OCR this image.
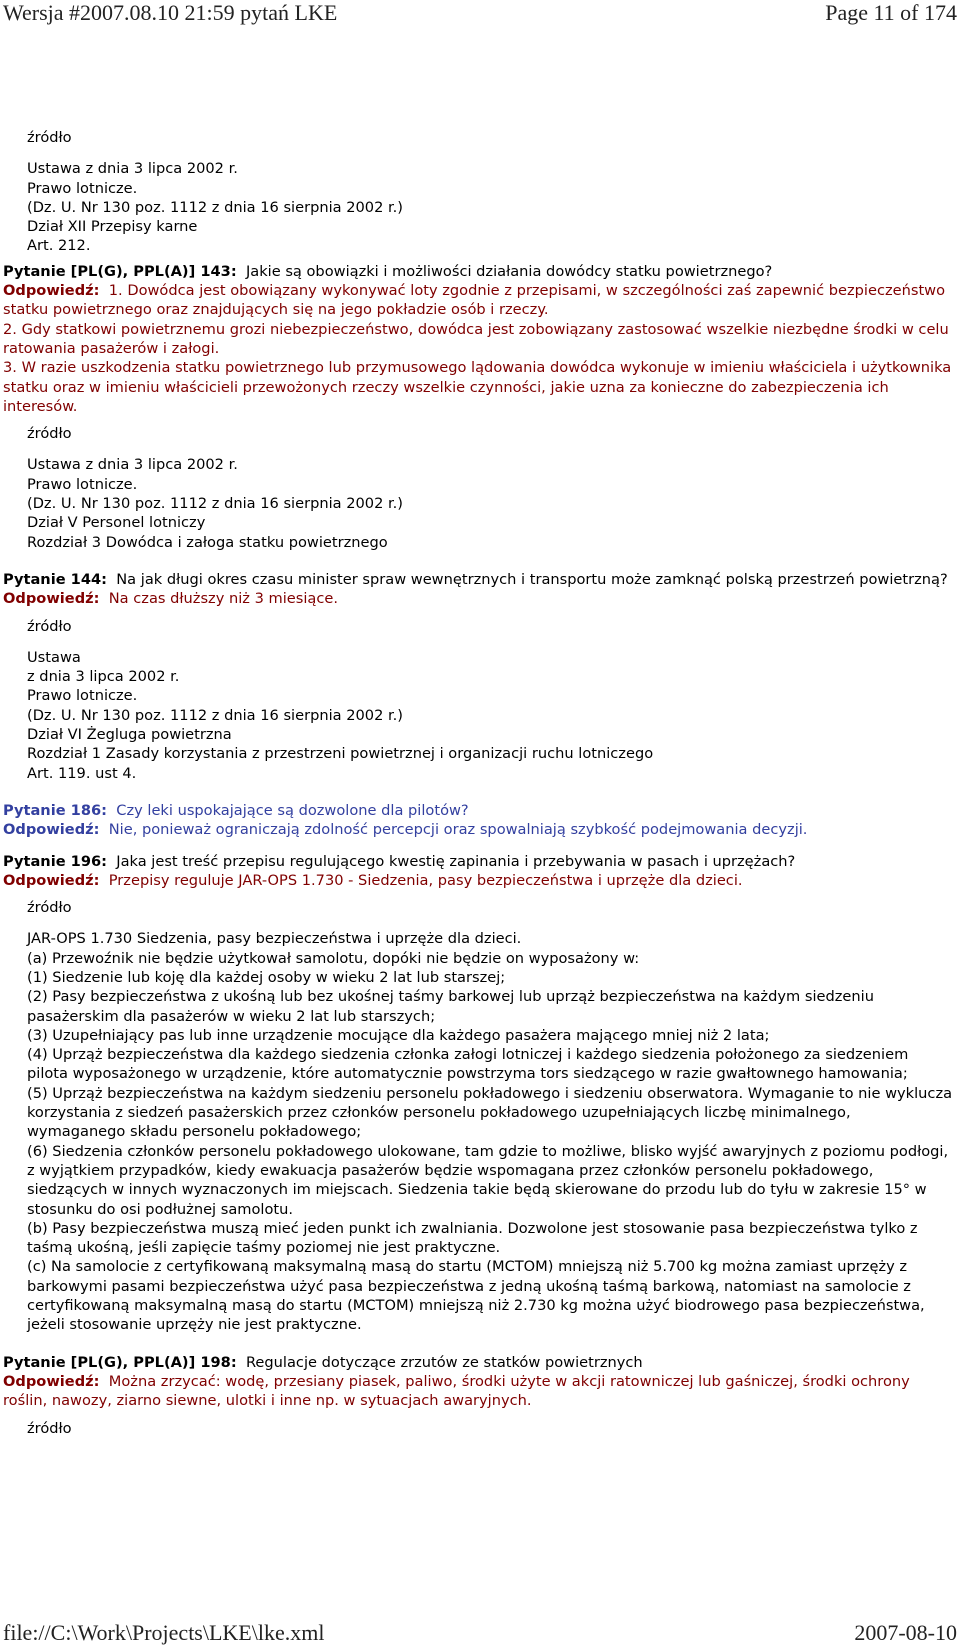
Wersja #2007.08.10 21:59 pytań LKE	Page 11 of 174
źródło
Ustawa z dnia 3 lipca 2002 r.
Prawo lotnicze.
(Dz. U. Nr 130 poz. 1112 z dnia 16 sierpnia 2002 r.)
Dział XII Przepisy karne
Art. 212.
Pytanie [PL(G), PPL(A)] 143: Jakie są obowiązki i możliwości działania dowódcy statku powietrznego?
Odpowiedź: 1. Dowódca jest obowiązany wykonywać loty zgodnie z przepisami, w szczególności zaś zapewnić bezpieczeństwo statku powietrznego oraz znajdujących się na jego pokładzie osób i rzeczy.
2. Gdy statkowi powietrznemu grozi niebezpieczeństwo, dowódca jest zobowiązany zastosować wszelkie niezbędne środki w celu ratowania pasażerów i załogi.
3. W razie uszkodzenia statku powietrznego lub przymusowego lądowania dowódca wykonuje w imieniu właściciela i użytkownika statku oraz w imieniu właścicieli przewożonych rzeczy wszelkie czynności, jakie uzna za konieczne do zabezpieczenia ich interesów.
źródło
Ustawa z dnia 3 lipca 2002 r.
Prawo lotnicze.
(Dz. U. Nr 130 poz. 1112 z dnia 16 sierpnia 2002 r.)
Dział V Personel lotniczy
Rozdział 3 Dowódca i załoga statku powietrznego
Pytanie 144: Na jak długi okres czasu minister spraw wewnętrznych i transportu może zamknąć polską przestrzeń powietrzną?
Odpowiedź: Na czas dłuższy niż 3 miesiące.
źródło
Ustawa
z dnia 3 lipca 2002 r.
Prawo lotnicze.
(Dz. U. Nr 130 poz. 1112 z dnia 16 sierpnia 2002 r.)
Dział VI Żegluga powietrzna
Rozdział 1 Zasady korzystania z przestrzeni powietrznej i organizacji ruchu lotniczego
Art. 119. ust 4.
Pytanie 186: Czy leki uspokajające są dozwolone dla pilotów?
Odpowiedź: Nie, ponieważ ograniczają zdolność percepcji oraz spowalniają szybkość podejmowania decyzji.
Pytanie 196: Jaka jest treść przepisu regulującego kwestię zapinania i przebywania w pasach i uprzężach?
Odpowiedź: Przepisy reguluje JAR-OPS 1.730 - Siedzenia, pasy bezpieczeństwa i uprzęże dla dzieci.
źródło
JAR-OPS 1.730 Siedzenia, pasy bezpieczeństwa i uprzęże dla dzieci.
(a) Przewoźnik nie będzie użytkował samolotu, dopóki nie będzie on wyposażony w:
(1) Siedzenie lub koję dla każdej osoby w wieku 2 lat lub starszej;
(2) Pasy bezpieczeństwa z ukośną lub bez ukośnej taśmy barkowej lub uprząż bezpieczeństwa na każdym siedzeniu pasażerskim dla pasażerów w wieku 2 lat lub starszych;
(3) Uzupełniający pas lub inne urządzenie mocujące dla każdego pasażera mającego mniej niż 2 lata;
(4) Uprząż bezpieczeństwa dla każdego siedzenia członka załogi lotniczej i każdego siedzenia położonego za siedzeniem pilota wyposażonego w urządzenie, które automatycznie powstrzyma tors siedzącego w razie gwałtownego hamowania;
(5) Uprząż bezpieczeństwa na każdym siedzeniu personelu pokładowego i siedzeniu obserwatora. Wymaganie to nie wyklucza korzystania z siedzeń pasażerskich przez członków personelu pokładowego uzupełniających liczbę minimalnego, wymaganego składu personelu pokładowego;
(6) Siedzenia członków personelu pokładowego ulokowane, tam gdzie to możliwe, blisko wyjść awaryjnych z poziomu podłogi, z wyjątkiem przypadków, kiedy ewakuacja pasażerów będzie wspomagana przez członków personelu pokładowego, siedzących w innych wyznaczonych im miejscach. Siedzenia takie będą skierowane do przodu lub do tyłu w zakresie 15° w stosunku do osi podłużnej samolotu.
(b) Pasy bezpieczeństwa muszą mieć jeden punkt ich zwalniania. Dozwolone jest stosowanie pasa bezpieczeństwa tylko z taśmą ukośną, jeśli zapięcie taśmy poziomej nie jest praktyczne.
(c) Na samolocie z certyfikowaną maksymalną masą do startu (MCTOM) mniejszą niż 5.700 kg można zamiast uprzęży z barkowymi pasami bezpieczeństwa użyć pasa bezpieczeństwa z jedną ukośną taśmą barkową, natomiast na samolocie z certyfikowaną maksymalną masą do startu (MCTOM) mniejszą niż 2.730 kg można użyć biodrowego pasa bezpieczeństwa, jeżeli stosowanie uprzęży nie jest praktyczne.
Pytanie [PL(G), PPL(A)] 198: Regulacje dotyczące zrzutów ze statków powietrznych
Odpowiedź: Można zrzycać: wodę, przesiany piasek, paliwo, środki użyte w akcji ratowniczej lub gaśniczej, środki ochrony roślin, nawozy, ziarno siewne, ulotki i inne np. w sytuacjach awaryjnych.
źródło
file://C:\Work\Projects\LKE\lke.xml	2007-08-10
